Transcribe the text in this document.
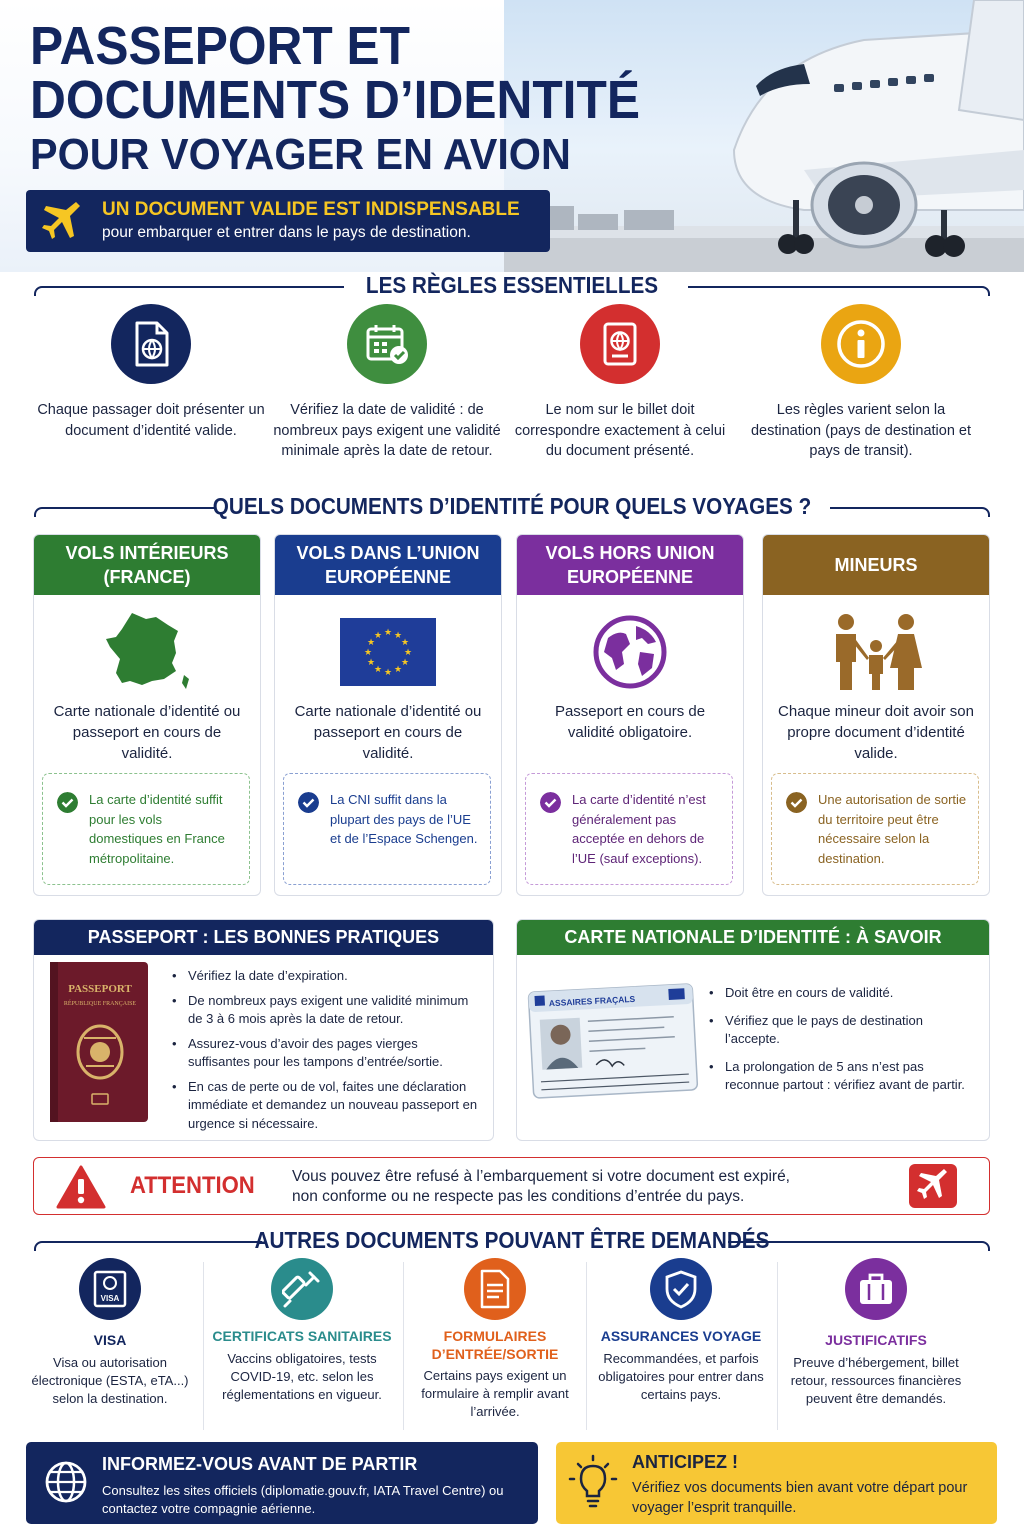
PASSEPORT ET
DOCUMENTS D’IDENTITÉ
POUR VOYAGER EN AVION
UN DOCUMENT VALIDE EST INDISPENSABLE
pour embarquer et entrer dans le pays de destination.
LES RÈGLES ESSENTIELLES
Chaque passager doit présenter un document d’identité valide.
Vérifiez la date de validité : de nombreux pays exigent une validité minimale après la date de retour.
Le nom sur le billet doit correspondre exactement à celui du document présenté.
Les règles varient selon la destination (pays de destination et pays de transit).
QUELS DOCUMENTS D’IDENTITÉ POUR QUELS VOYAGES ?
VOLS INTÉRIEURS (FRANCE)
Carte nationale d’identité ou passeport en cours de validité.
La carte d’identité suffit pour les vols domestiques en France métropolitaine.
VOLS DANS L’UNION EUROPÉENNE
★ ★
★
★
★
★
★
★
★
★
★
★
Carte nationale d’identité ou passeport en cours de validité.
La CNI suffit dans la plupart des pays de l’UE et de l’Espace Schengen.
VOLS HORS UNION EUROPÉENNE
Passeport en cours de validité obligatoire.
La carte d’identité n’est généralement pas acceptée en dehors de l’UE (sauf exceptions).
MINEURS
Chaque mineur doit avoir son propre document d’identité valide.
Une autorisation de sortie du territoire peut être nécessaire selon la destination.
PASSEPORT : LES BONNES PRATIQUES
PASSEPORT
RÉPUBLIQUE FRANÇAISE
• Vérifiez la date d’expiration.
• De nombreux pays exigent une validité minimum de 3 à 6 mois après la date de retour.
• Assurez-vous d’avoir des pages vierges suffisantes pour les tampons d’entrée/sortie.
• En cas de perte ou de vol, faites une déclaration immédiate et demandez un nouveau passeport en urgence si nécessaire.
CARTE NATIONALE D’IDENTITÉ : À SAVOIR
ASSAIRES FRAÇALS
• Doit être en cours de validité.
• Vérifiez que le pays de destination l’accepte.
• La prolongation de 5 ans n’est pas reconnue partout : vérifiez avant de partir.
ATTENTION Vous pouvez être refusé à l’embarquement si votre document est expiré,
non conforme ou ne respecte pas les conditions d’entrée du pays.
AUTRES DOCUMENTS POUVANT ÊTRE DEMANDÉS
VISA
VISA
Visa ou autorisation électronique (ESTA, eTA...) selon la destination.
CERTIFICATS SANITAIRES
Vaccins obligatoires, tests COVID-19, etc. selon les réglementations en vigueur.
FORMULAIRES D’ENTRÉE/SORTIE
Certains pays exigent un formulaire à remplir avant l’arrivée.
ASSURANCES VOYAGE
Recommandées, et parfois obligatoires pour entrer dans certains pays.
JUSTIFICATIFS
Preuve d’hébergement, billet retour, ressources financières peuvent être demandés.
INFORMEZ-VOUS AVANT DE PARTIR
Consultez les sites officiels (diplomatie.gouv.fr, IATA Travel Centre) ou contactez votre compagnie aérienne.
ANTICIPEZ !
Vérifiez vos documents bien avant votre départ pour voyager l’esprit tranquille.
